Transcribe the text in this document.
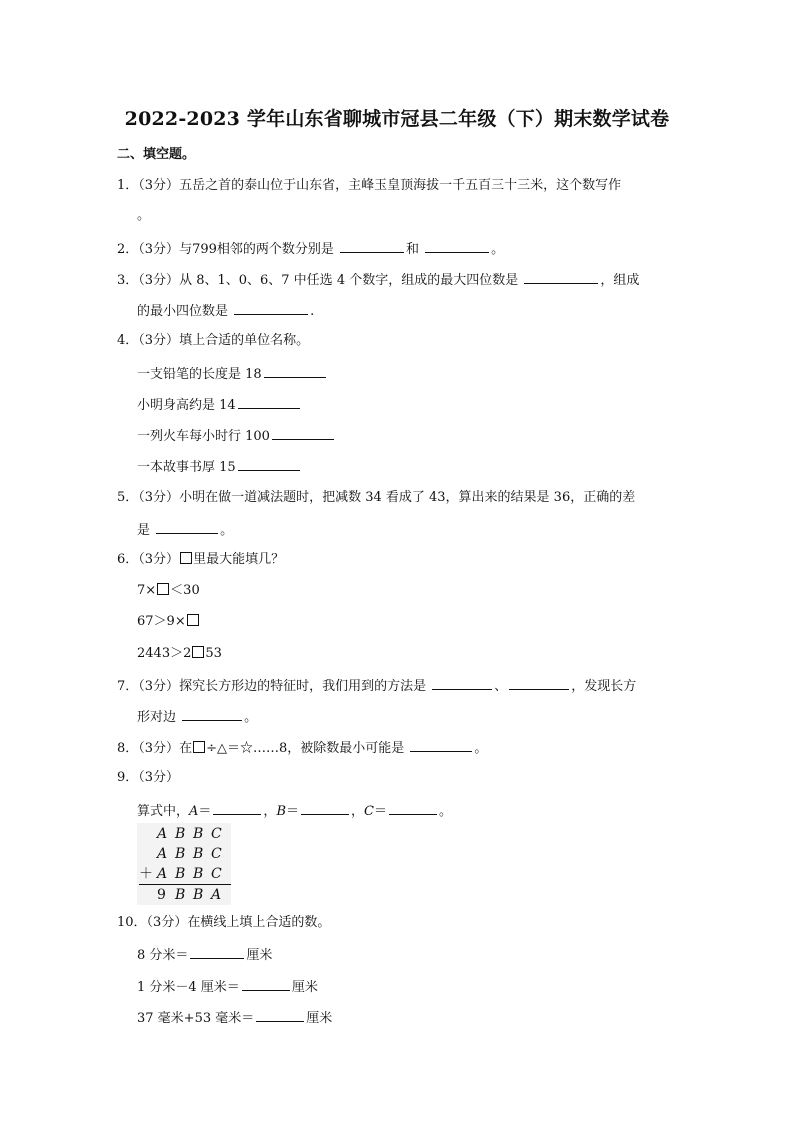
2022-2023 学年山东省聊城市冠县二年级（下）期末数学试卷
二、填空题。
1．（3分）五岳之首的泰山位于山东省，主峰玉皇顶海拔一千五百三十三米，这个数写作
。
2．（3分）与799相邻的两个数分别是	和	。
3．（3分）从 8、1、0、6、7 中任选 4 个数字，组成的最大四位数是	，组成
的最小四位数是	.
4．（3分）填上合适的单位名称。
一支铅笔的长度是 18
小明身高约是 14
一列火车每小时行 100
一本故事书厚 15
5．（3分）小明在做一道减法题时，把减数 34 看成了 43，算出来的结果是 36，正确的差
是	。
6．（3分） 里最大能填几？
7× ＜30
67＞9×
2443＞2 53
7．（3分）探究长方形边的特征时，我们用到的方法是	、	，发现长方
形对边	。
8．（3分）在 ÷△＝☆……8，被除数最小可能是	。
9．（3分）
算式中，A＝	，B＝	，C＝	。
A B B C
A B B C
＋ A B B C
9 B B A
10．（3分）在横线上填上合适的数。
8 分米＝	厘米
1 分米－4 厘米＝	厘米
37 毫米+53 毫米＝	厘米
